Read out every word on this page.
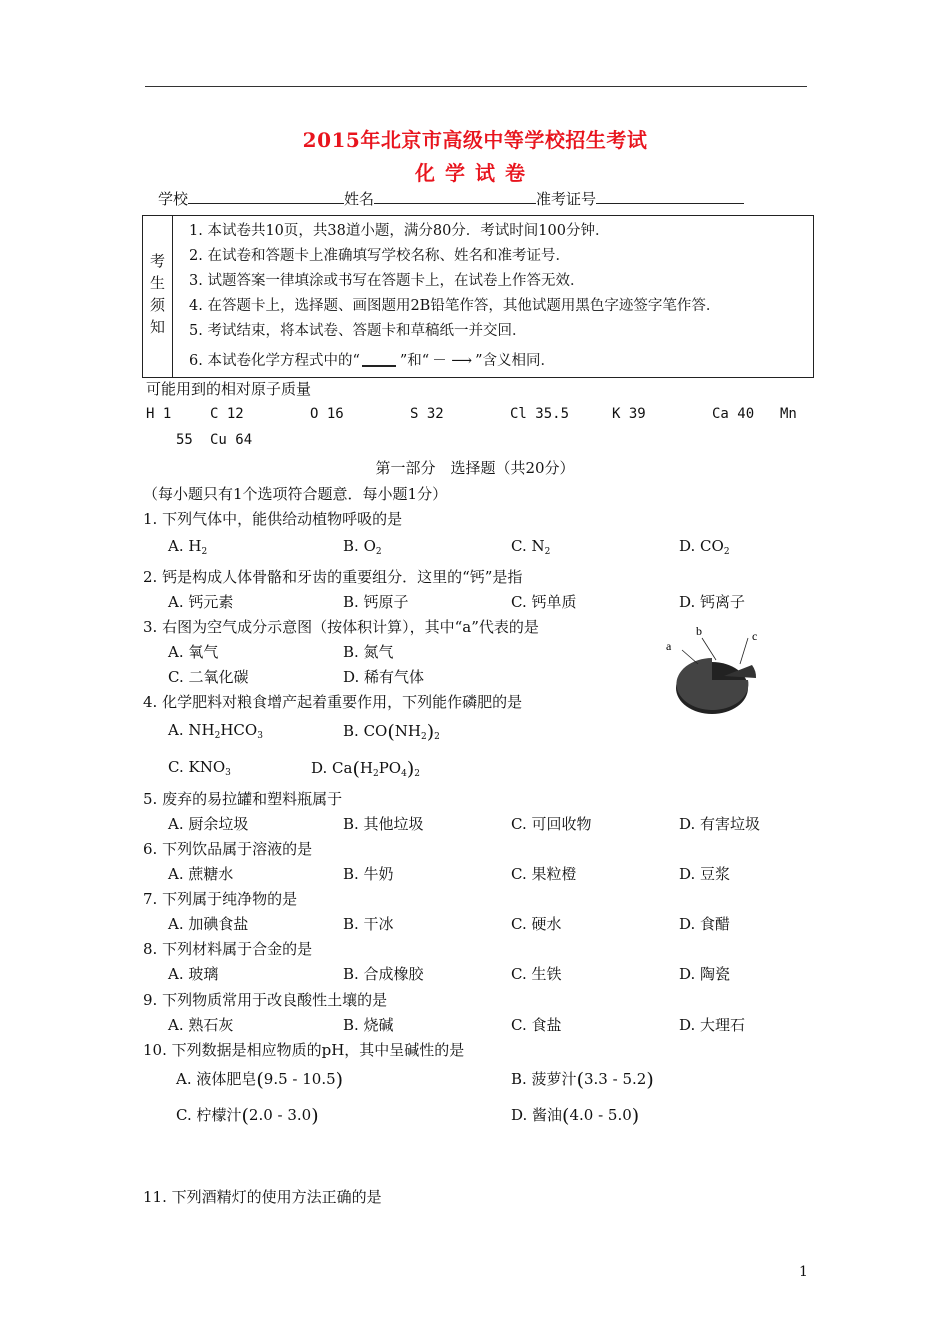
2015年北京市高级中等学校招生考试
化学试卷
学校	姓名	准考证号
考生须知
1. 本试卷共10页，共38道小题，满分80分．考试时间100分钟．
2. 在试卷和答题卡上准确填写学校名称、姓名和准考证号．
3. 试题答案一律填涂或书写在答题卡上，在试卷上作答无效．
4. 在答题卡上，选择题、画图题用2B铅笔作答，其他试题用黑色字迹签字笔作答．
5. 考试结束，将本试卷、答题卡和草稿纸一并交回．
6. 本试卷化学方程式中的“	”和“ － ⟶ ”含义相同．
可能用到的相对原子质量
H 1	C 12	O 16	S 32	Cl 35.5	K 39	Ca 40 Mn
55 Cu 64
第一部分　选择题（共20分）
（每小题只有1个选项符合题意．每小题1分）
1. 下列气体中，能供给动植物呼吸的是
A. $H_2$	B. $O_2$	C. $N_2$	D. $CO_2$
2. 钙是构成人体骨骼和牙齿的重要组分．这里的“钙”是指
A. 钙元素	B. 钙原子	C. 钙单质	D. 钙离子
3. 右图为空气成分示意图（按体积计算），其中“a”代表的是
A. 氧气	B. 氮气
C. 二氧化碳	D. 稀有气体
a
b	c
4. 化学肥料对粮食增产起着重要作用，下列能作磷肥的是
A. $NH_2HCO_3$	B. $CO(NH_2)_2$
C. $KNO_3$	D. $Ca(H_2PO_4)_2$
5. 废弃的易拉罐和塑料瓶属于
A. 厨余垃圾	B. 其他垃圾	C. 可回收物	D. 有害垃圾
6. 下列饮品属于溶液的是
A. 蔗糖水	B. 牛奶	C. 果粒橙	D. 豆浆
7. 下列属于纯净物的是
A. 加碘食盐	B. 干冰	C. 硬水	D. 食醋
8. 下列材料属于合金的是
A. 玻璃	B. 合成橡胶	C. 生铁	D. 陶瓷
9. 下列物质常用于改良酸性土壤的是
A. 熟石灰	B. 烧碱	C. 食盐	D. 大理石
10. 下列数据是相应物质的pH，其中呈碱性的是
A. 液体肥皂(9.5 - 10.5)	B. 菠萝汁(3.3 - 5.2)
C. 柠檬汁(2.0 - 3.0)	D. 酱油(4.0 - 5.0)
11. 下列酒精灯的使用方法正确的是
1
